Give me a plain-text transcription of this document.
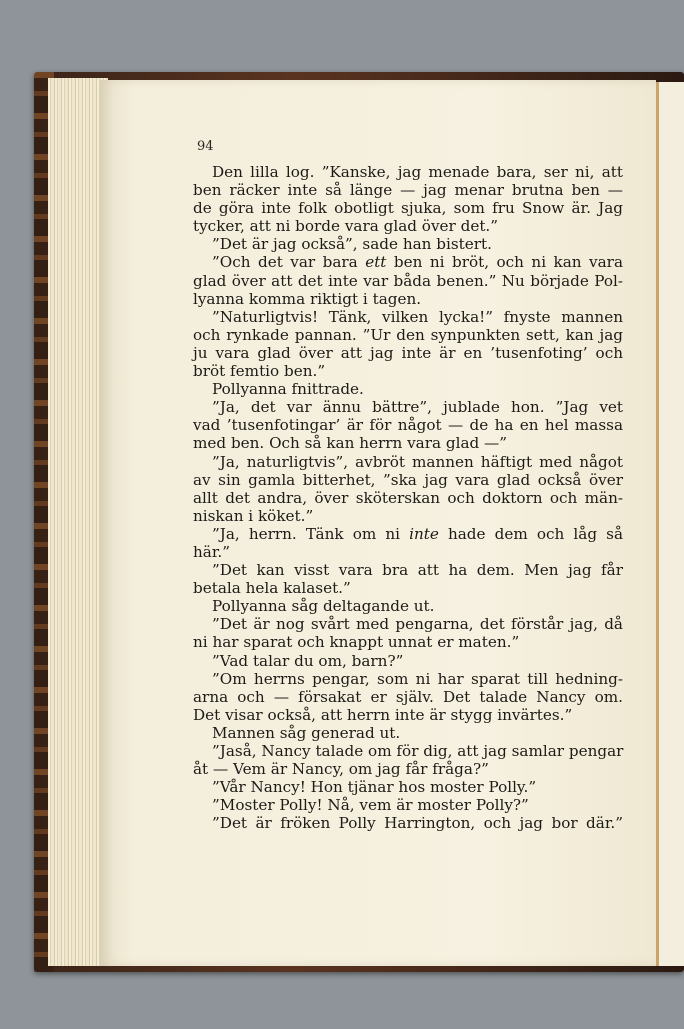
94
Den lilla log. ”Kanske, jag menade bara, ser ni, att
ben räcker inte så länge — jag menar brutna ben —
de göra inte folk obotligt sjuka, som fru Snow är. Jag
tycker, att ni borde vara glad över det.”
”Det är jag också”, sade han bistert.
”Och det var bara ett ben ni bröt, och ni kan vara
glad över att det inte var båda benen.” Nu började Pol-
lyanna komma riktigt i tagen.
”Naturligtvis! Tänk, vilken lycka!” fnyste mannen
och rynkade pannan. ”Ur den synpunkten sett, kan jag
ju vara glad över att jag inte är en ’tusenfoting’ och
bröt femtio ben.”
Pollyanna fnittrade.
”Ja, det var ännu bättre”, jublade hon. ”Jag vet
vad ’tusenfotingar’ är för något — de ha en hel massa
med ben. Och så kan herrn vara glad —”
”Ja, naturligtvis”, avbröt mannen häftigt med något
av sin gamla bitterhet, ”ska jag vara glad också över
allt det andra, över sköterskan och doktorn och män-
niskan i köket.”
”Ja, herrn. Tänk om ni inte hade dem och låg så
här.”
”Det kan visst vara bra att ha dem. Men jag får
betala hela kalaset.”
Pollyanna såg deltagande ut.
”Det är nog svårt med pengarna, det förstår jag, då
ni har sparat och knappt unnat er maten.”
”Vad talar du om, barn?”
”Om herrns pengar, som ni har sparat till hedning-
arna och — försakat er själv. Det talade Nancy om.
Det visar också, att herrn inte är stygg invärtes.”
Mannen såg generad ut.
”Jaså, Nancy talade om för dig, att jag samlar pengar
åt — Vem är Nancy, om jag får fråga?”
”Vår Nancy! Hon tjänar hos moster Polly.”
”Moster Polly! Nå, vem är moster Polly?”
”Det är fröken Polly Harrington, och jag bor där.”
